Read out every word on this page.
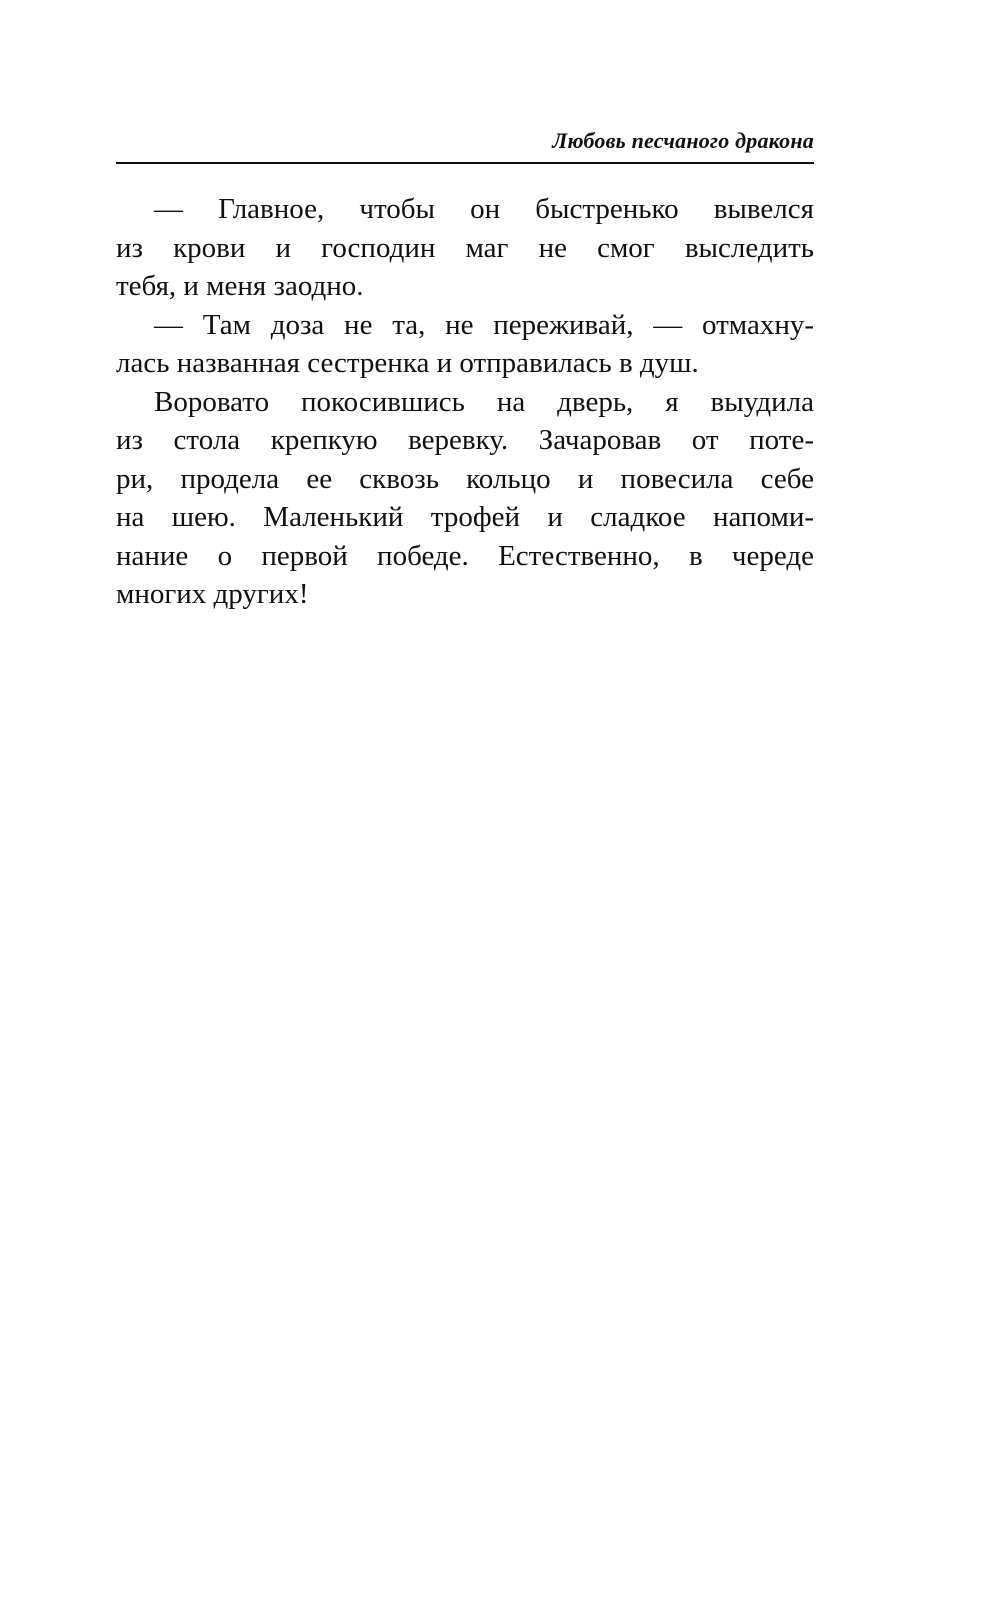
Любовь песчаного дракона
— Главное, чтобы он быстренько вывелся
из крови и господин маг не смог выследить
тебя, и меня заодно.
— Там доза не та, не переживай, — отмахну-
лась названная сестренка и отправилась в душ.
Воровато покосившись на дверь, я выудила
из стола крепкую веревку. Зачаровав от поте-
ри, продела ее сквозь кольцо и повесила себе
на шею. Маленький трофей и сладкое напоми-
нание о первой победе. Естественно, в череде
многих других!
